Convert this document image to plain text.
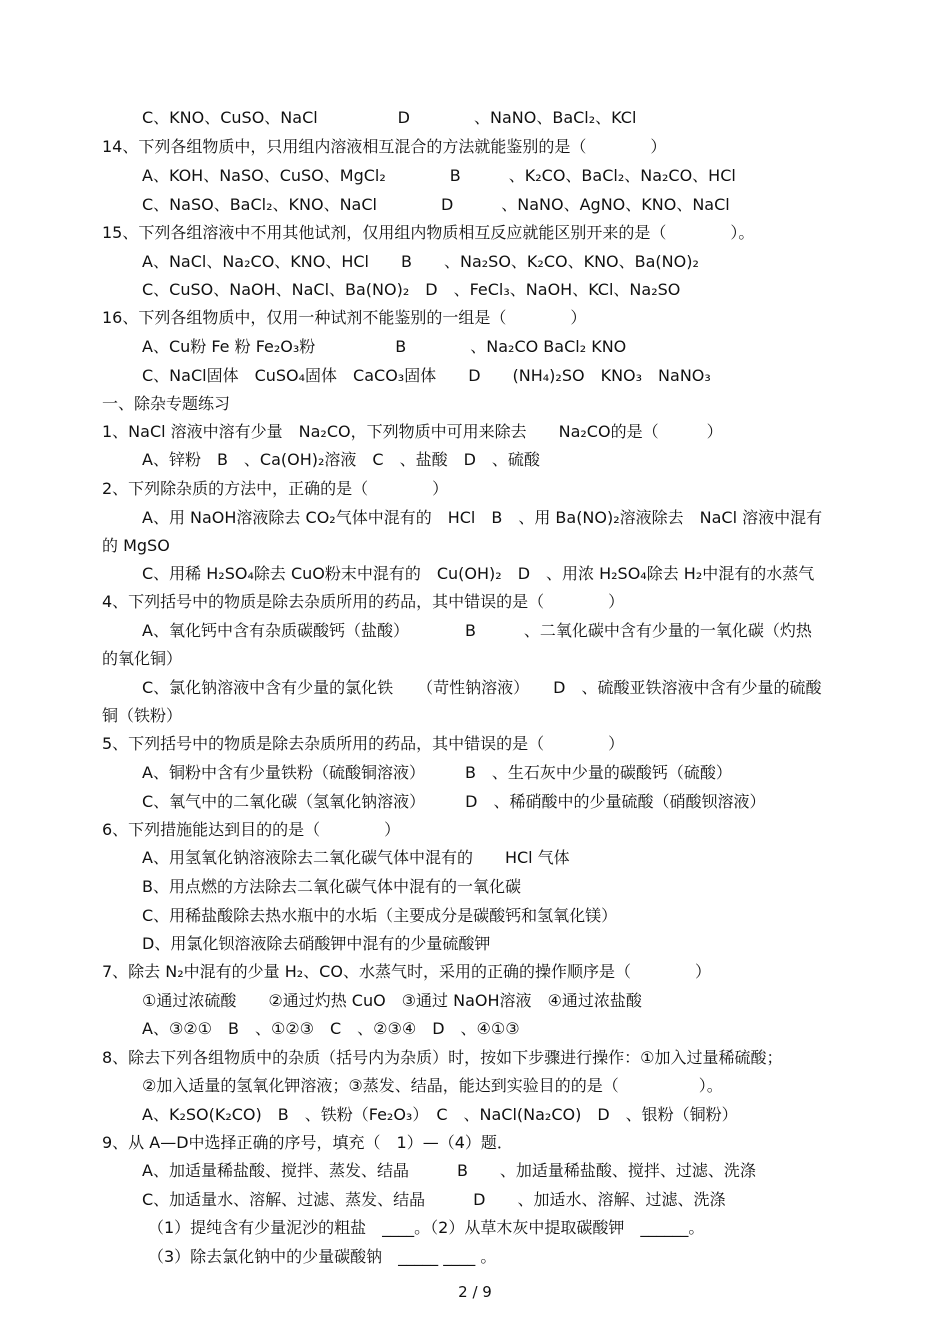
C、KNO、CuSO、NaCl　　　　　D　　　　、NaNO、BaCl₂、KCl
14、下列各组物质中，只用组内溶液相互混合的方法就能鉴别的是（　　　　）
A、KOH、NaSO、CuSO、MgCl₂　　　　B　　　、K₂CO、BaCl₂、Na₂CO、HCl
C、NaSO、BaCl₂、KNO、NaCl　　　　D　　　、NaNO、AgNO、KNO、NaCl
15、下列各组溶液中不用其他试剂，仅用组内物质相互反应就能区别开来的是（　　　　）。
A、NaCl、Na₂CO、KNO、HCl　　B　　、Na₂SO、K₂CO、KNO、Ba(NO)₂
C、CuSO、NaOH、NaCl、Ba(NO)₂　D　、FeCl₃、NaOH、KCl、Na₂SO
16、下列各组物质中，仅用一种试剂不能鉴别的一组是（　　　　）
A、Cu粉 Fe 粉 Fe₂O₃粉　　　　　B　　　　、Na₂CO BaCl₂ KNO
C、NaCl固体　CuSO₄固体　CaCO₃固体　　D　　(NH₄)₂SO　KNO₃　NaNO₃
一、除杂专题练习
1、NaCl 溶液中溶有少量　Na₂CO，下列物质中可用来除去　　Na₂CO的是（　　　）
A、锌粉　B　、Ca(OH)₂溶液　C　、盐酸　D　、硫酸
2、下列除杂质的方法中，正确的是（　　　　）
A、用 NaOH溶液除去 CO₂气体中混有的　HCl　B　、用 Ba(NO)₂溶液除去　NaCl 溶液中混有
的 MgSO
C、用稀 H₂SO₄除去 CuO粉末中混有的　Cu(OH)₂　D　、用浓 H₂SO₄除去 H₂中混有的水蒸气
4、下列括号中的物质是除去杂质所用的药品，其中错误的是（　　　　）
A、氧化钙中含有杂质碳酸钙（盐酸）　　　　B　　　、二氧化碳中含有少量的一氧化碳（灼热
的氧化铜）
C、氯化钠溶液中含有少量的氯化铁　　（苛性钠溶液）　　D　、硫酸亚铁溶液中含有少量的硫酸
铜（铁粉）
5、下列括号中的物质是除去杂质所用的药品，其中错误的是（　　　　）
A、铜粉中含有少量铁粉（硫酸铜溶液）　　　B　、生石灰中少量的碳酸钙（硫酸）
C、氧气中的二氧化碳（氢氧化钠溶液）　　　D　、稀硝酸中的少量硫酸（硝酸钡溶液）
6、下列措施能达到目的的是（　　　　）
A、用氢氧化钠溶液除去二氧化碳气体中混有的　　HCl 气体
B、用点燃的方法除去二氧化碳气体中混有的一氧化碳
C、用稀盐酸除去热水瓶中的水垢（主要成分是碳酸钙和氢氧化镁）
D、用氯化钡溶液除去硝酸钾中混有的少量硫酸钾
7、除去 N₂中混有的少量 H₂、CO、水蒸气时，采用的正确的操作顺序是（　　　　）
①通过浓硫酸　　②通过灼热 CuO　③通过 NaOH溶液　④通过浓盐酸
A、③②①　B　、①②③　C　、②③④　D　、④①③
8、除去下列各组物质中的杂质（括号内为杂质）时，按如下步骤进行操作：①加入过量稀硫酸；
②加入适量的氢氧化钾溶液；③蒸发、结晶，能达到实验目的的是（　　　　　）。
A、K₂SO(K₂CO)　B　、铁粉（Fe₂O₃）　C　、NaCl(Na₂CO)　D　、银粉（铜粉）
9、从 A—D中选择正确的序号，填充（　1）—（4）题．
A、加适量稀盐酸、搅拌、蒸发、结晶　　　B　　、加适量稀盐酸、搅拌、过滤、洗涤
C、加适量水、溶解、过滤、蒸发、结晶　　　D　　、加适水、溶解、过滤、洗涤
（1）提纯含有少量泥沙的粗盐　____。（2）从草木灰中提取碳酸钾　______。
（3）除去氯化钠中的少量碳酸钠　_____ ____ 。
2 / 9
